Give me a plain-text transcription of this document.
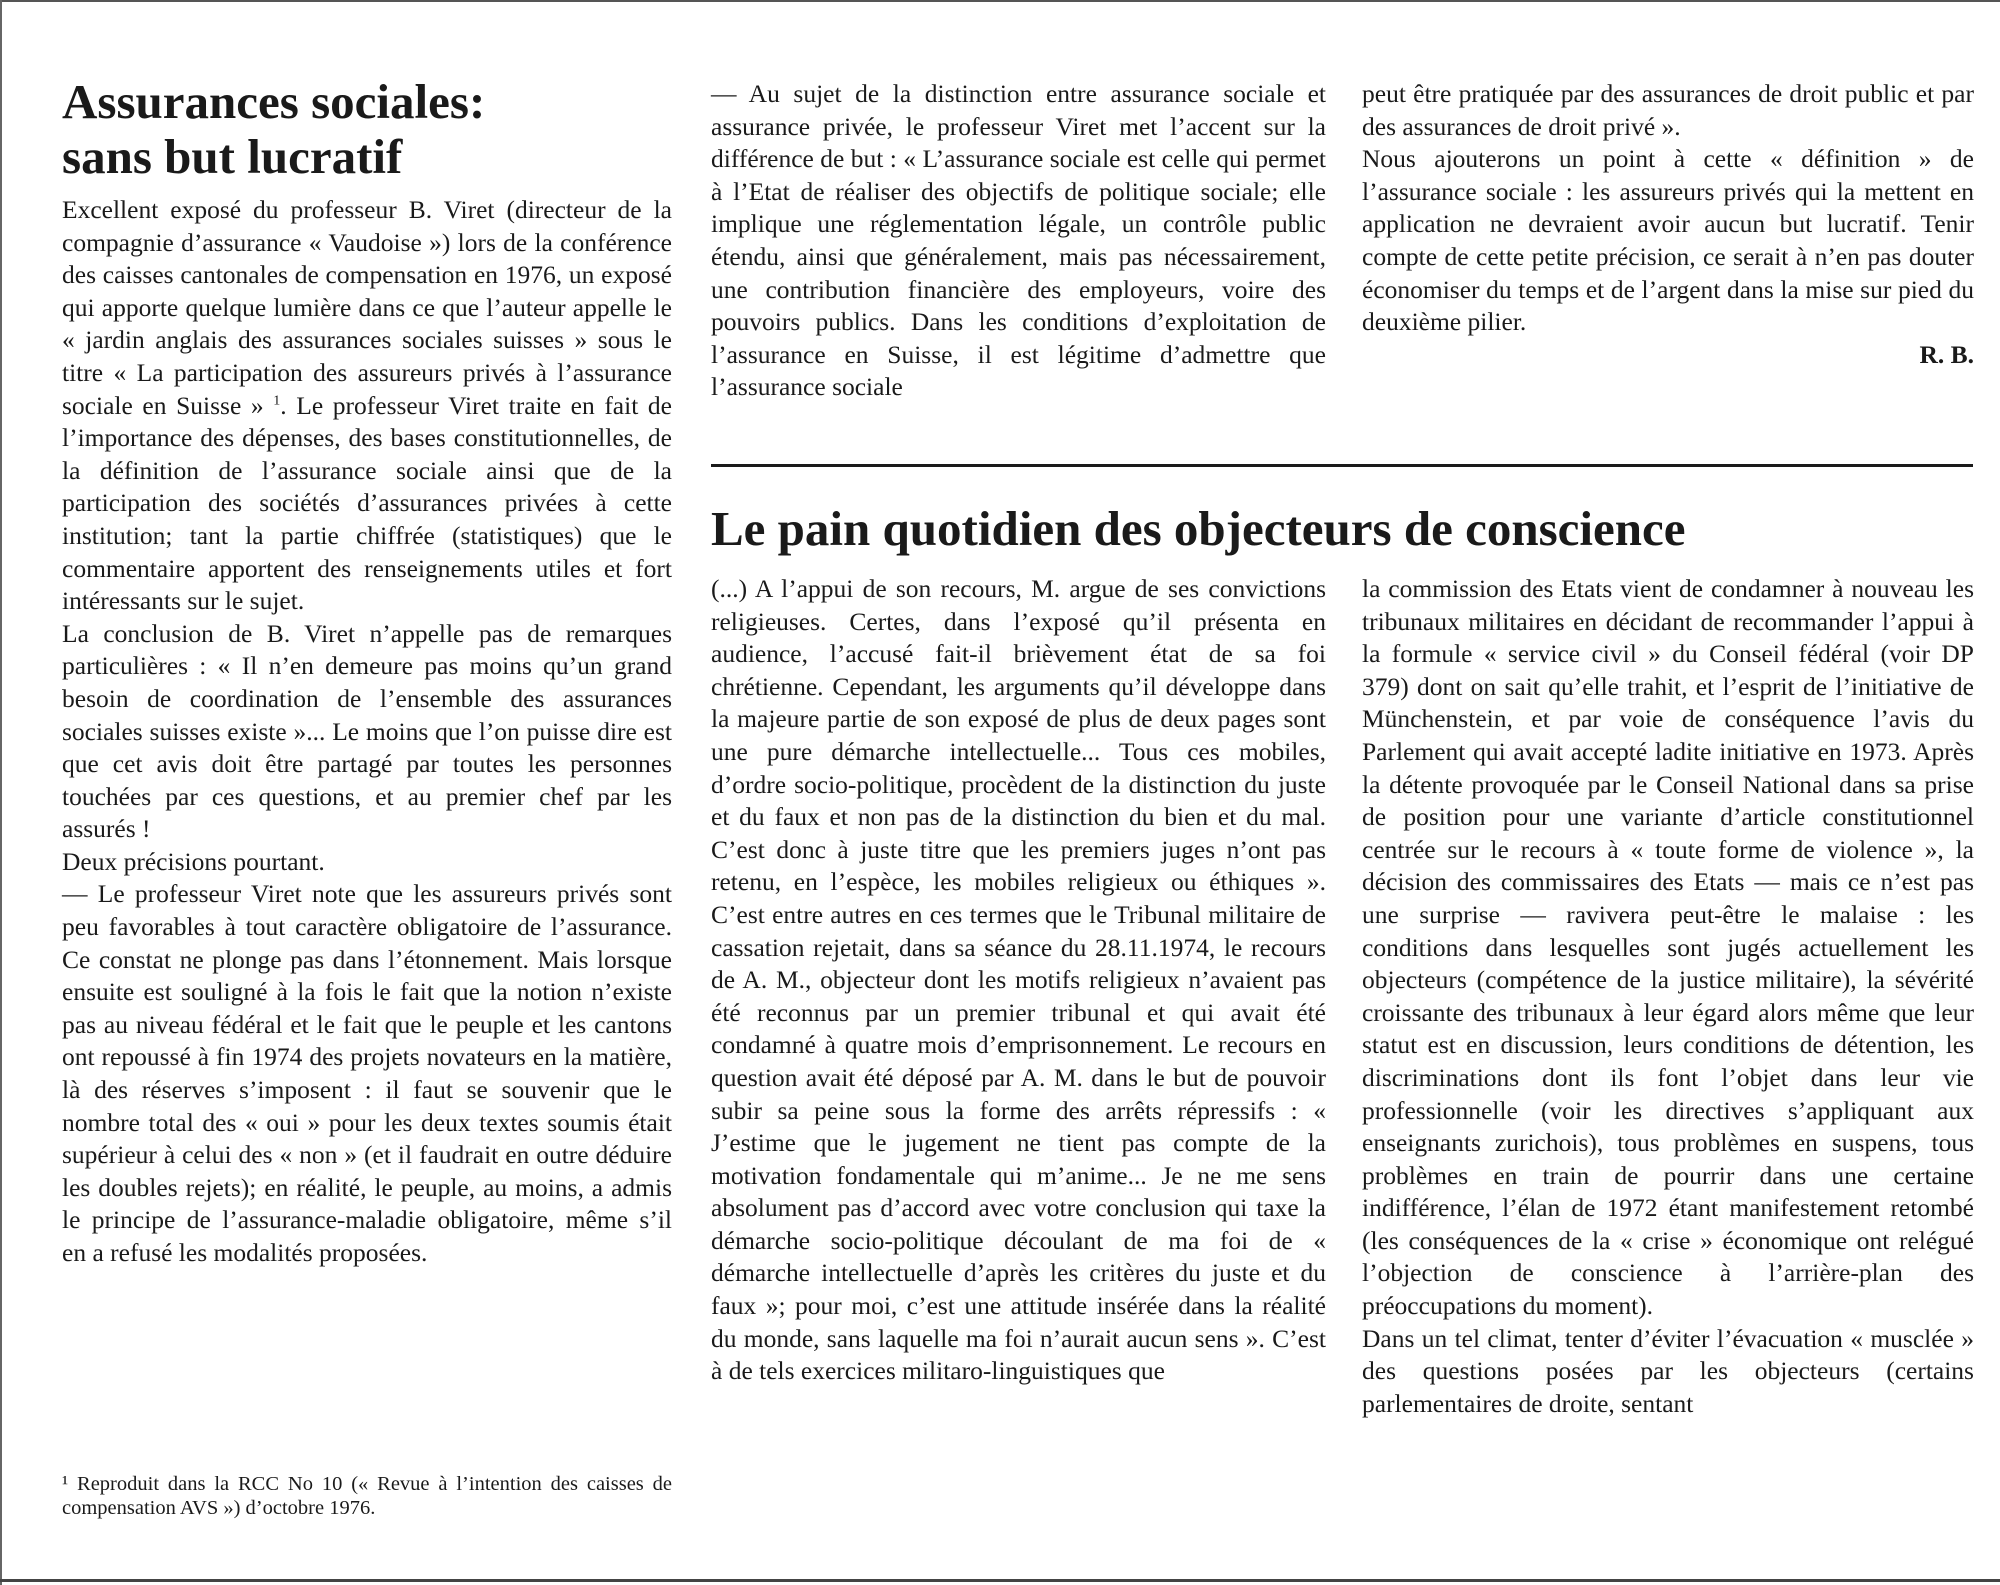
Assurances sociales:
sans but lucratif

Excellent exposé du professeur B. Viret (directeur de la compagnie d’assurance « Vaudoise ») lors de la conférence des caisses cantonales de compensation en 1976, un exposé qui apporte quelque lumière dans ce que l’auteur appelle le « jardin anglais des assurances sociales suisses » sous le titre « La participation des assureurs privés à l’assurance sociale en Suisse » $^1$. Le professeur Viret traite en fait de l’importance des dépenses, des bases constitutionnelles, de la définition de l’assurance sociale ainsi que de la participation des sociétés d’assurances privées à cette institution; tant la partie chiffrée (statistiques) que le commentaire apportent des renseignements utiles et fort intéressants sur le sujet.

La conclusion de B. Viret n’appelle pas de remarques particulières : « Il n’en demeure pas moins qu’un grand besoin de coordination de l’ensemble des assurances sociales suisses existe »... Le moins que l’on puisse dire est que cet avis doit être partagé par toutes les personnes touchées par ces questions, et au premier chef par les assurés !

Deux précisions pourtant.

— Le professeur Viret note que les assureurs privés sont peu favorables à tout caractère obligatoire de l’assurance. Ce constat ne plonge pas dans l’étonnement. Mais lorsque ensuite est souligné à la fois le fait que la notion n’existe pas au niveau fédéral et le fait que le peuple et les cantons ont repoussé à fin 1974 des projets novateurs en la matière, là des réserves s’imposent : il faut se souvenir que le nombre total des « oui » pour les deux textes soumis était supérieur à celui des « non » (et il faudrait en outre déduire les doubles rejets); en réalité, le peuple, au moins, a admis le principe de l’assurance-maladie obligatoire, même s’il en a refusé les modalités proposées.

¹ Reproduit dans la RCC No 10 (« Revue à l’intention des caisses de compensation AVS ») d’octobre 1976.

— Au sujet de la distinction entre assurance sociale et assurance privée, le professeur Viret met l’accent sur la différence de but : « L’assurance sociale est celle qui permet à l’Etat de réaliser des objectifs de politique sociale; elle implique une réglementation légale, un contrôle public étendu, ainsi que généralement, mais pas nécessairement, une contribution financière des employeurs, voire des pouvoirs publics. Dans les conditions d’exploitation de l’assurance en Suisse, il est légitime d’admettre que l’assurance sociale

peut être pratiquée par des assurances de droit public et par des assurances de droit privé ».

Nous ajouterons un point à cette « définition » de l’assurance sociale : les assureurs privés qui la mettent en application ne devraient avoir aucun but lucratif. Tenir compte de cette petite précision, ce serait à n’en pas douter économiser du temps et de l’argent dans la mise sur pied du deuxième pilier.

R. B.

Le pain quotidien des objecteurs de conscience

(...) A l’appui de son recours, M. argue de ses convictions religieuses. Certes, dans l’exposé qu’il présenta en audience, l’accusé fait-il brièvement état de sa foi chrétienne. Cependant, les arguments qu’il développe dans la majeure partie de son exposé de plus de deux pages sont une pure démarche intellectuelle... Tous ces mobiles, d’ordre socio-politique, procèdent de la distinction du juste et du faux et non pas de la distinction du bien et du mal. C’est donc à juste titre que les premiers juges n’ont pas retenu, en l’espèce, les mobiles religieux ou éthiques ». C’est entre autres en ces termes que le Tribunal militaire de cassation rejetait, dans sa séance du 28.11.1974, le recours de A. M., objecteur dont les motifs religieux n’avaient pas été reconnus par un premier tribunal et qui avait été condamné à quatre mois d’emprisonnement. Le recours en question avait été déposé par A. M. dans le but de pouvoir subir sa peine sous la forme des arrêts répressifs : « J’estime que le jugement ne tient pas compte de la motivation fondamentale qui m’anime... Je ne me sens absolument pas d’accord avec votre conclusion qui taxe la démarche socio-politique découlant de ma foi de « démarche intellectuelle d’après les critères du juste et du faux »; pour moi, c’est une attitude insérée dans la réalité du monde, sans laquelle ma foi n’aurait aucun sens ». C’est à de tels exercices militaro-linguistiques que

la commission des Etats vient de condamner à nouveau les tribunaux militaires en décidant de recommander l’appui à la formule « service civil » du Conseil fédéral (voir DP 379) dont on sait qu’elle trahit, et l’esprit de l’initiative de Münchenstein, et par voie de conséquence l’avis du Parlement qui avait accepté ladite initiative en 1973. Après la détente provoquée par le Conseil National dans sa prise de position pour une variante d’article constitutionnel centrée sur le recours à « toute forme de violence », la décision des commissaires des Etats — mais ce n’est pas une surprise — ravivera peut-être le malaise : les conditions dans lesquelles sont jugés actuellement les objecteurs (compétence de la justice militaire), la sévérité croissante des tribunaux à leur égard alors même que leur statut est en discussion, leurs conditions de détention, les discriminations dont ils font l’objet dans leur vie professionnelle (voir les directives s’appliquant aux enseignants zurichois), tous problèmes en suspens, tous problèmes en train de pourrir dans une certaine indifférence, l’élan de 1972 étant manifestement retombé (les conséquences de la « crise » économique ont relégué l’objection de conscience à l’arrière-plan des préoccupations du moment).

Dans un tel climat, tenter d’éviter l’évacuation « musclée » des questions posées par les objecteurs (certains parlementaires de droite, sentant
